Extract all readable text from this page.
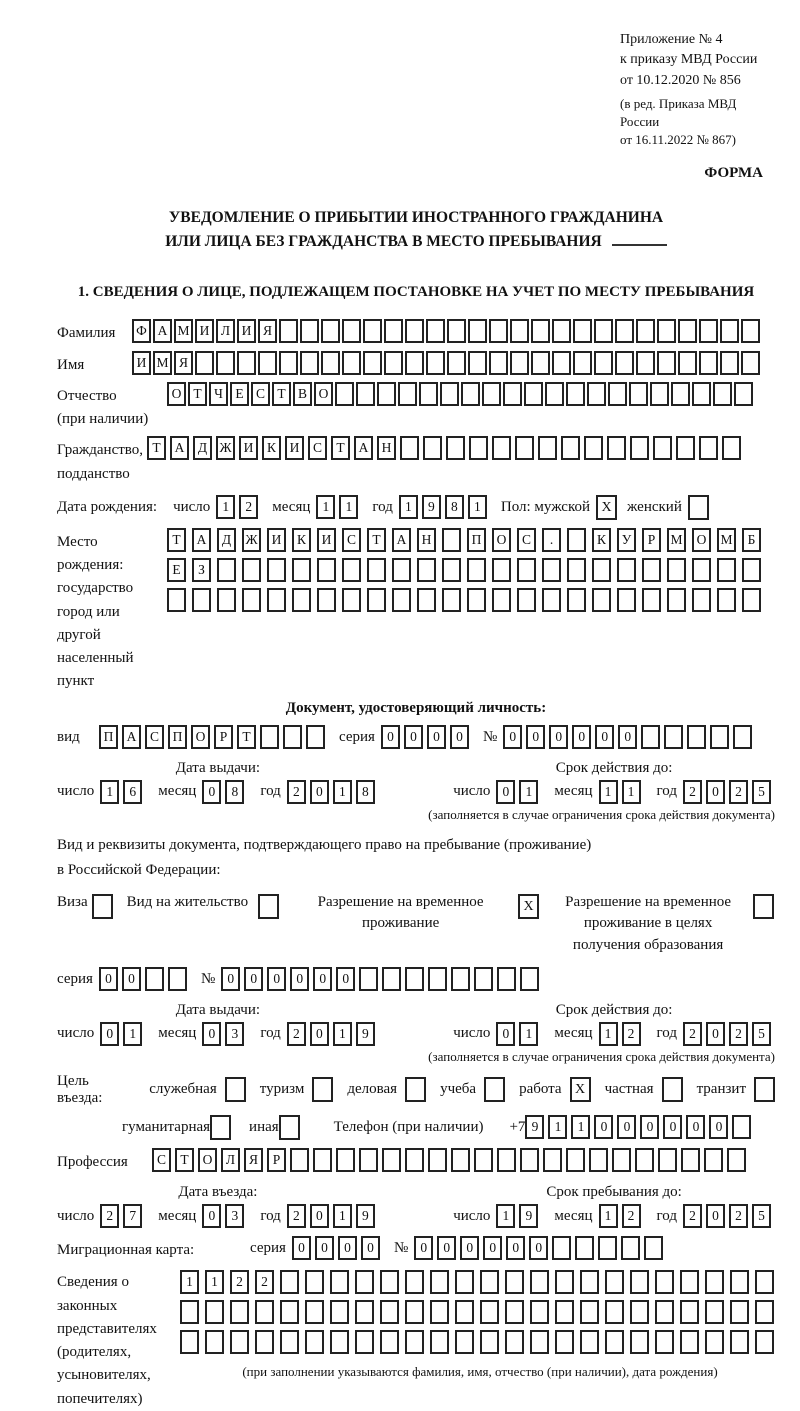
Приложение № 4
к приказу МВД России
от 10.12.2020 № 856
(в ред. Приказа МВД России
от 16.11.2022 № 867)
ФОРМА
УВЕДОМЛЕНИЕ О ПРИБЫТИИ ИНОСТРАННОГО ГРАЖДАНИНА
ИЛИ ЛИЦА БЕЗ ГРАЖДАНСТВА В МЕСТО ПРЕБЫВАНИЯ
1. СВЕДЕНИЯ О ЛИЦЕ, ПОДЛЕЖАЩЕМ ПОСТАНОВКЕ НА УЧЕТ ПО МЕСТУ ПРЕБЫВАНИЯ
Фамилия	Ф А М И Л И Я
Имя	И М Я
Отчество
(при наличии)
О Т Ч Е С Т В О
Гражданство,
подданство
Т	А	Д Ж И	К	И	С	Т	А Н
Дата рождения:	число 1	2	месяц 1	1	год 1	9	8	1	Пол: мужской X	женский
Место рождения:
государство
город или другой
населенный пункт
Т	А	Д	Ж	И	К	И	С	Т	А	Н	П	О	С	.	К	У	Р	М	О	М	Б
Е	З
Документ, удостоверяющий личность:
вид	П А	С	П О	Р	Т	серия 0	0	0	0	№ 0	0	0	0	0	0
Дата выдачи:
число 1	6	месяц 0	8	год 2	0	1	8
Срок действия до:
число 0	1	месяц 1	1	год 2	0	2	5
(заполняется в случае ограничения срока действия документа)
Вид и реквизиты документа, подтверждающего право на пребывание (проживание)
в Российской Федерации:
Виза	Вид на жительство	Разрешение на временное проживание
X	Разрешение на временное проживание в целях получения образования
серия 0	0	№ 0	0	0	0	0	0
Дата выдачи:
число 0	1	месяц 0	3	год 2	0	1	9
Срок действия до:
число 0	1	месяц 1	2	год 2	0	2	5
(заполняется в случае ограничения срока действия документа)
Цель въезда:
служебная	туризм	деловая	учеба	работа X	частная	транзит
гуманитарная	иная	Телефон (при наличии)	+7 9	1	1	0	0	0	0	0	0
Профессия	С	Т	О	Л	Я	Р
Дата въезда:
число 2	7	месяц 0	3	год 2	0	1	9
Срок пребывания до:
число 1	9	месяц 1	2	год 2	0	2	5
Миграционная карта:	серия 0	0	0	0	№ 0	0	0	0	0	0
Сведения о
законных
представителях
(родителях,
усыновителях,
попечителях)
1	1	2	2
(при заполнении указываются фамилия, имя, отчество (при наличии), дата рождения)
